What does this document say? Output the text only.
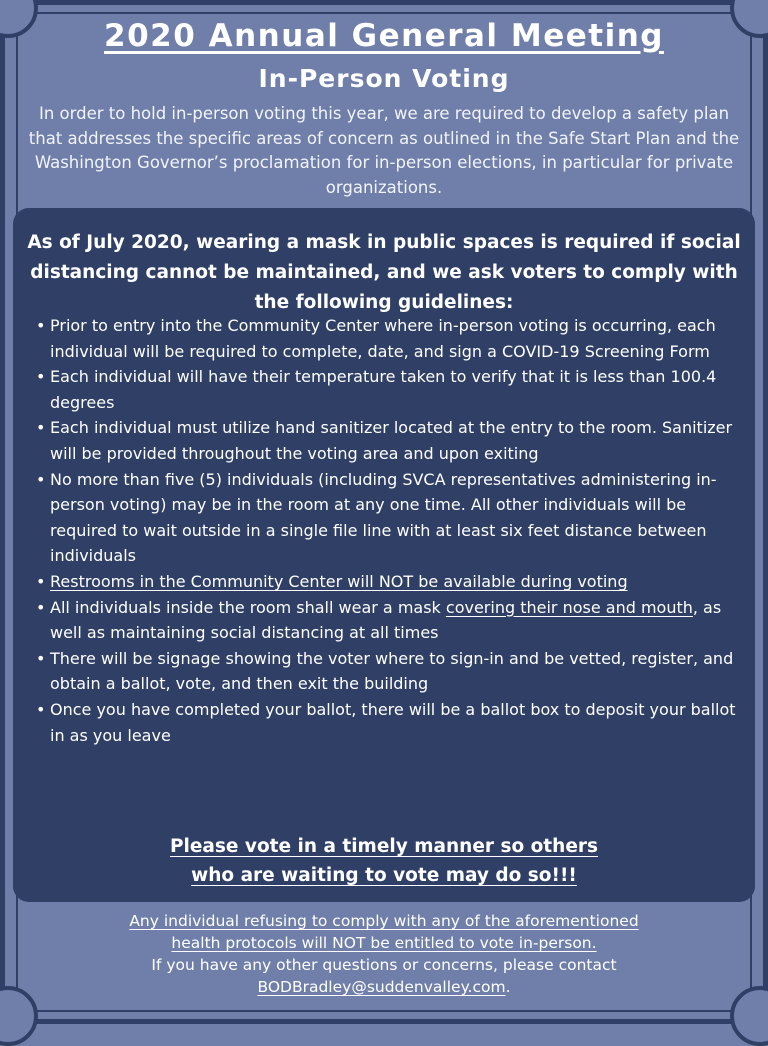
2020 Annual General Meeting
In-Person Voting
In order to hold in-person voting this year, we are required to develop a safety plan that addresses the specific areas of concern as outlined in the Safe Start Plan and the Washington Governor’s proclamation for in-person elections, in particular for private organizations.
As of July 2020, wearing a mask in public spaces is required if social distancing cannot be maintained, and we ask voters to comply with the following guidelines:
• Prior to entry into the Community Center where in-person voting is occurring, each individual will be required to complete, date, and sign a COVID-19 Screening Form
• Each individual will have their temperature taken to verify that it is less than 100.4 degrees
• Each individual must utilize hand sanitizer located at the entry to the room. Sanitizer will be provided throughout the voting area and upon exiting
• No more than five (5) individuals (including SVCA representatives administering in-person voting) may be in the room at any one time. All other individuals will be required to wait outside in a single file line with at least six feet distance between individuals
• Restrooms in the Community Center will NOT be available during voting
• All individuals inside the room shall wear a mask covering their nose and mouth, as well as maintaining social distancing at all times
• There will be signage showing the voter where to sign-in and be vetted, register, and obtain a ballot, vote, and then exit the building
• Once you have completed your ballot, there will be a ballot box to deposit your ballot in as you leave
Please vote in a timely manner so others
who are waiting to vote may do so!!!
Any individual refusing to comply with any of the aforementioned
health protocols will NOT be entitled to vote in-person.
If you have any other questions or concerns, please contact
BODBradley@suddenvalley.com.
